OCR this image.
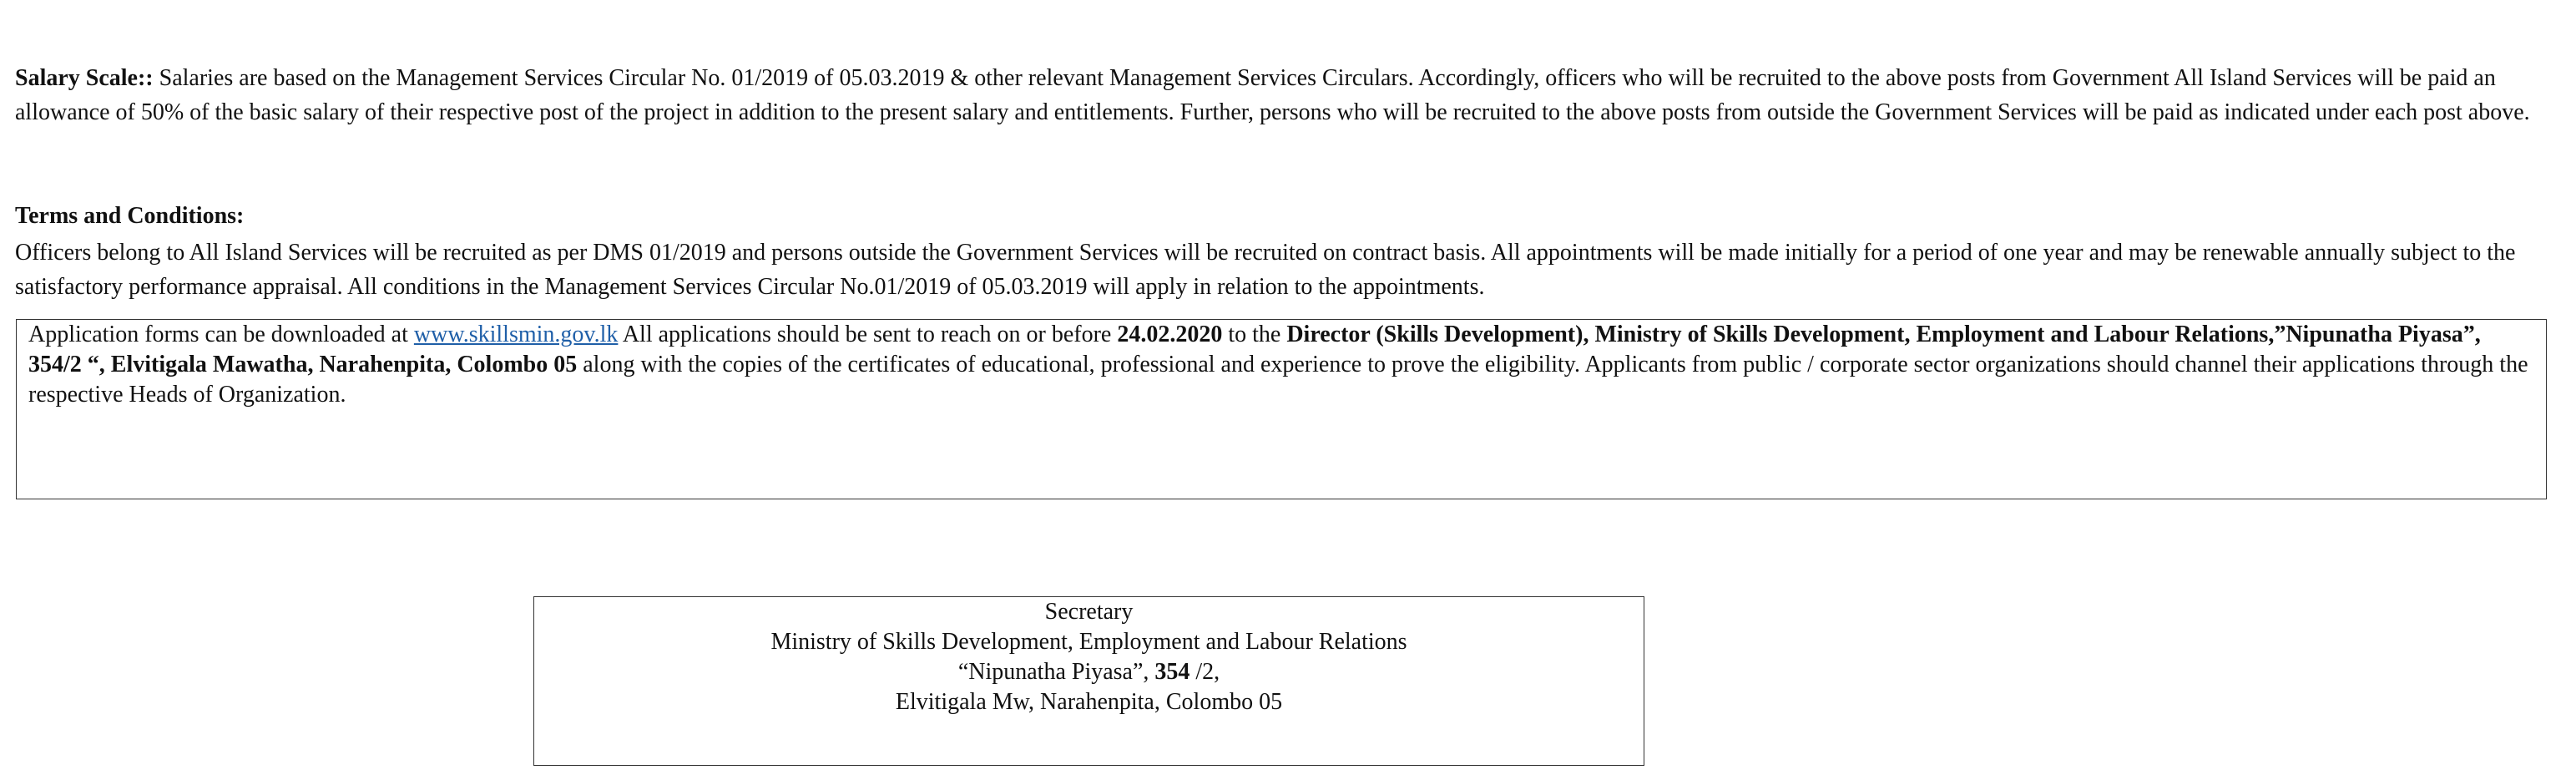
Salary Scale:: Salaries are based on the Management Services Circular No. 01/2019 of 05.03.2019 & other relevant Management Services Circulars. Accordingly, officers who will be recruited to the above posts from Government All Island Services will be paid an allowance of 50% of the basic salary of their respective post of the project in addition to the present salary and entitlements. Further, persons who will be recruited to the above posts from outside the Government Services will be paid as indicated under each post above.

Terms and Conditions:

Officers belong to All Island Services will be recruited as per DMS 01/2019 and persons outside the Government Services will be recruited on contract basis. All appointments will be made initially for a period of one year and may be renewable annually subject to the satisfactory performance appraisal. All conditions in the Management Services Circular No.01/2019 of 05.03.2019 will apply in relation to the appointments.

Application forms can be downloaded at www.skillsmin.gov.lk All applications should be sent to reach on or before 24.02.2020 to the Director (Skills Development), Ministry of Skills Development, Employment and Labour Relations,”Nipunatha Piyasa”, 354/2 “, Elvitigala Mawatha, Narahenpita, Colombo 05 along with the copies of the certificates of educational, professional and experience to prove the eligibility. Applicants from public / corporate sector organizations should channel their applications through the respective Heads of Organization.
Secretary
Ministry of Skills Development, Employment and Labour Relations
“Nipunatha Piyasa”, 354 /2,
Elvitigala Mw, Narahenpita, Colombo 05
